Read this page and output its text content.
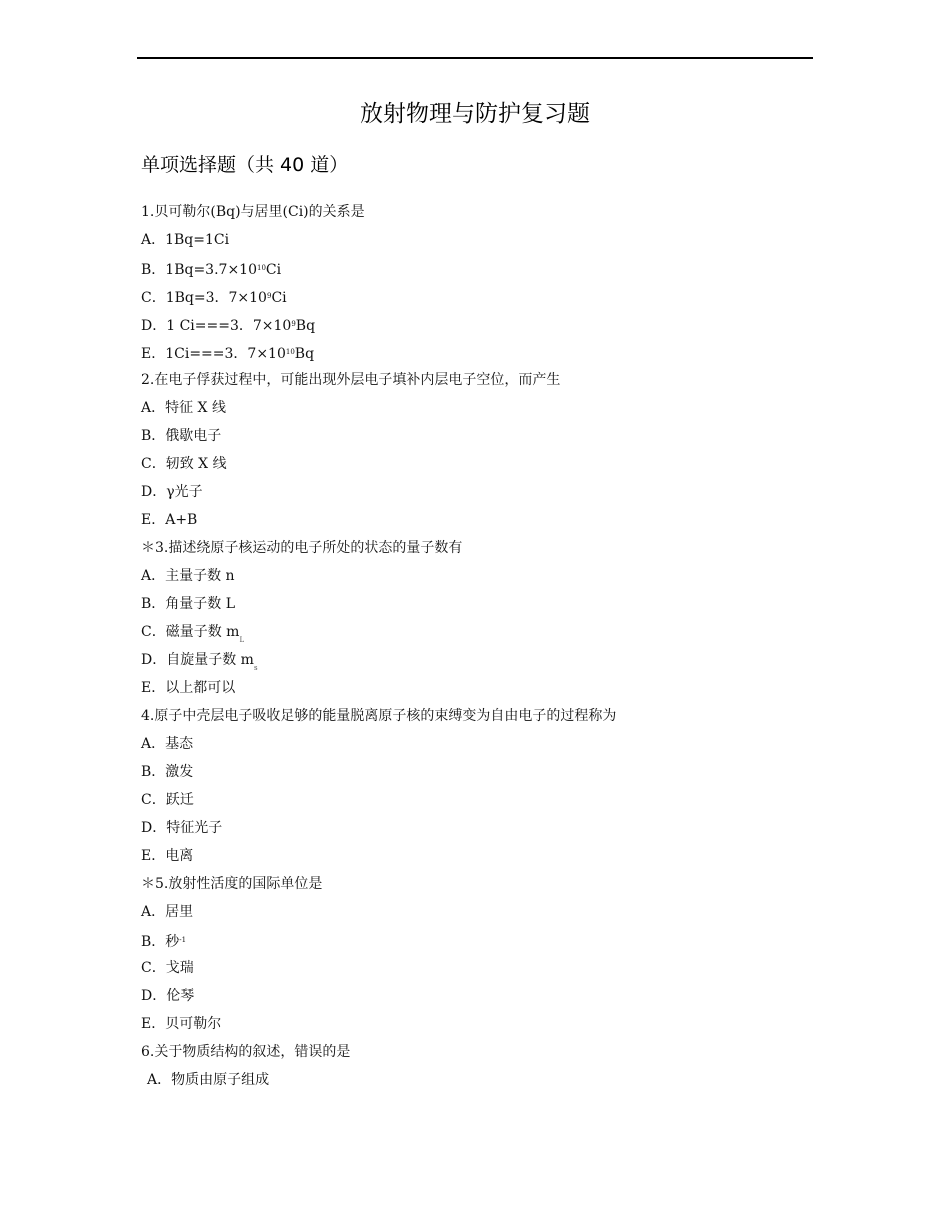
放射物理与防护复习题
单项选择题（共 40 道）
1.贝可勒尔(Bq)与居里(Ci)的关系是
A．1Bq=1Ci
B．$1Bq=3.7\times 10^{10}Ci$
C．1Bq=3．$7\times 10^9Ci$
D．1 Ci===3．$7\times 10^9Bq$
E．1Ci===3．$7\times 10^{10}Bq$
2.在电子俘获过程中，可能出现外层电子填补内层电子空位，而产生
A．特征 X 线
B．俄歇电子
C．轫致 X 线
D．γ光子
E．A+B
＊3.描述绕原子核运动的电子所处的状态的量子数有
A．主量子数 n
B．角量子数 L
C．磁量子数 $m_L$
D．自旋量子数 $m_s$
E．以上都可以
4.原子中壳层电子吸收足够的能量脱离原子核的束缚变为自由电子的过程称为
A．基态
B．激发
C．跃迁
D．特征光子
E．电离
＊5.放射性活度的国际单位是
A．居里
B．秒$^{-1}$
C．戈瑞
D．伦琴
E．贝可勒尔
6.关于物质结构的叙述，错误的是
A．物质由原子组成
